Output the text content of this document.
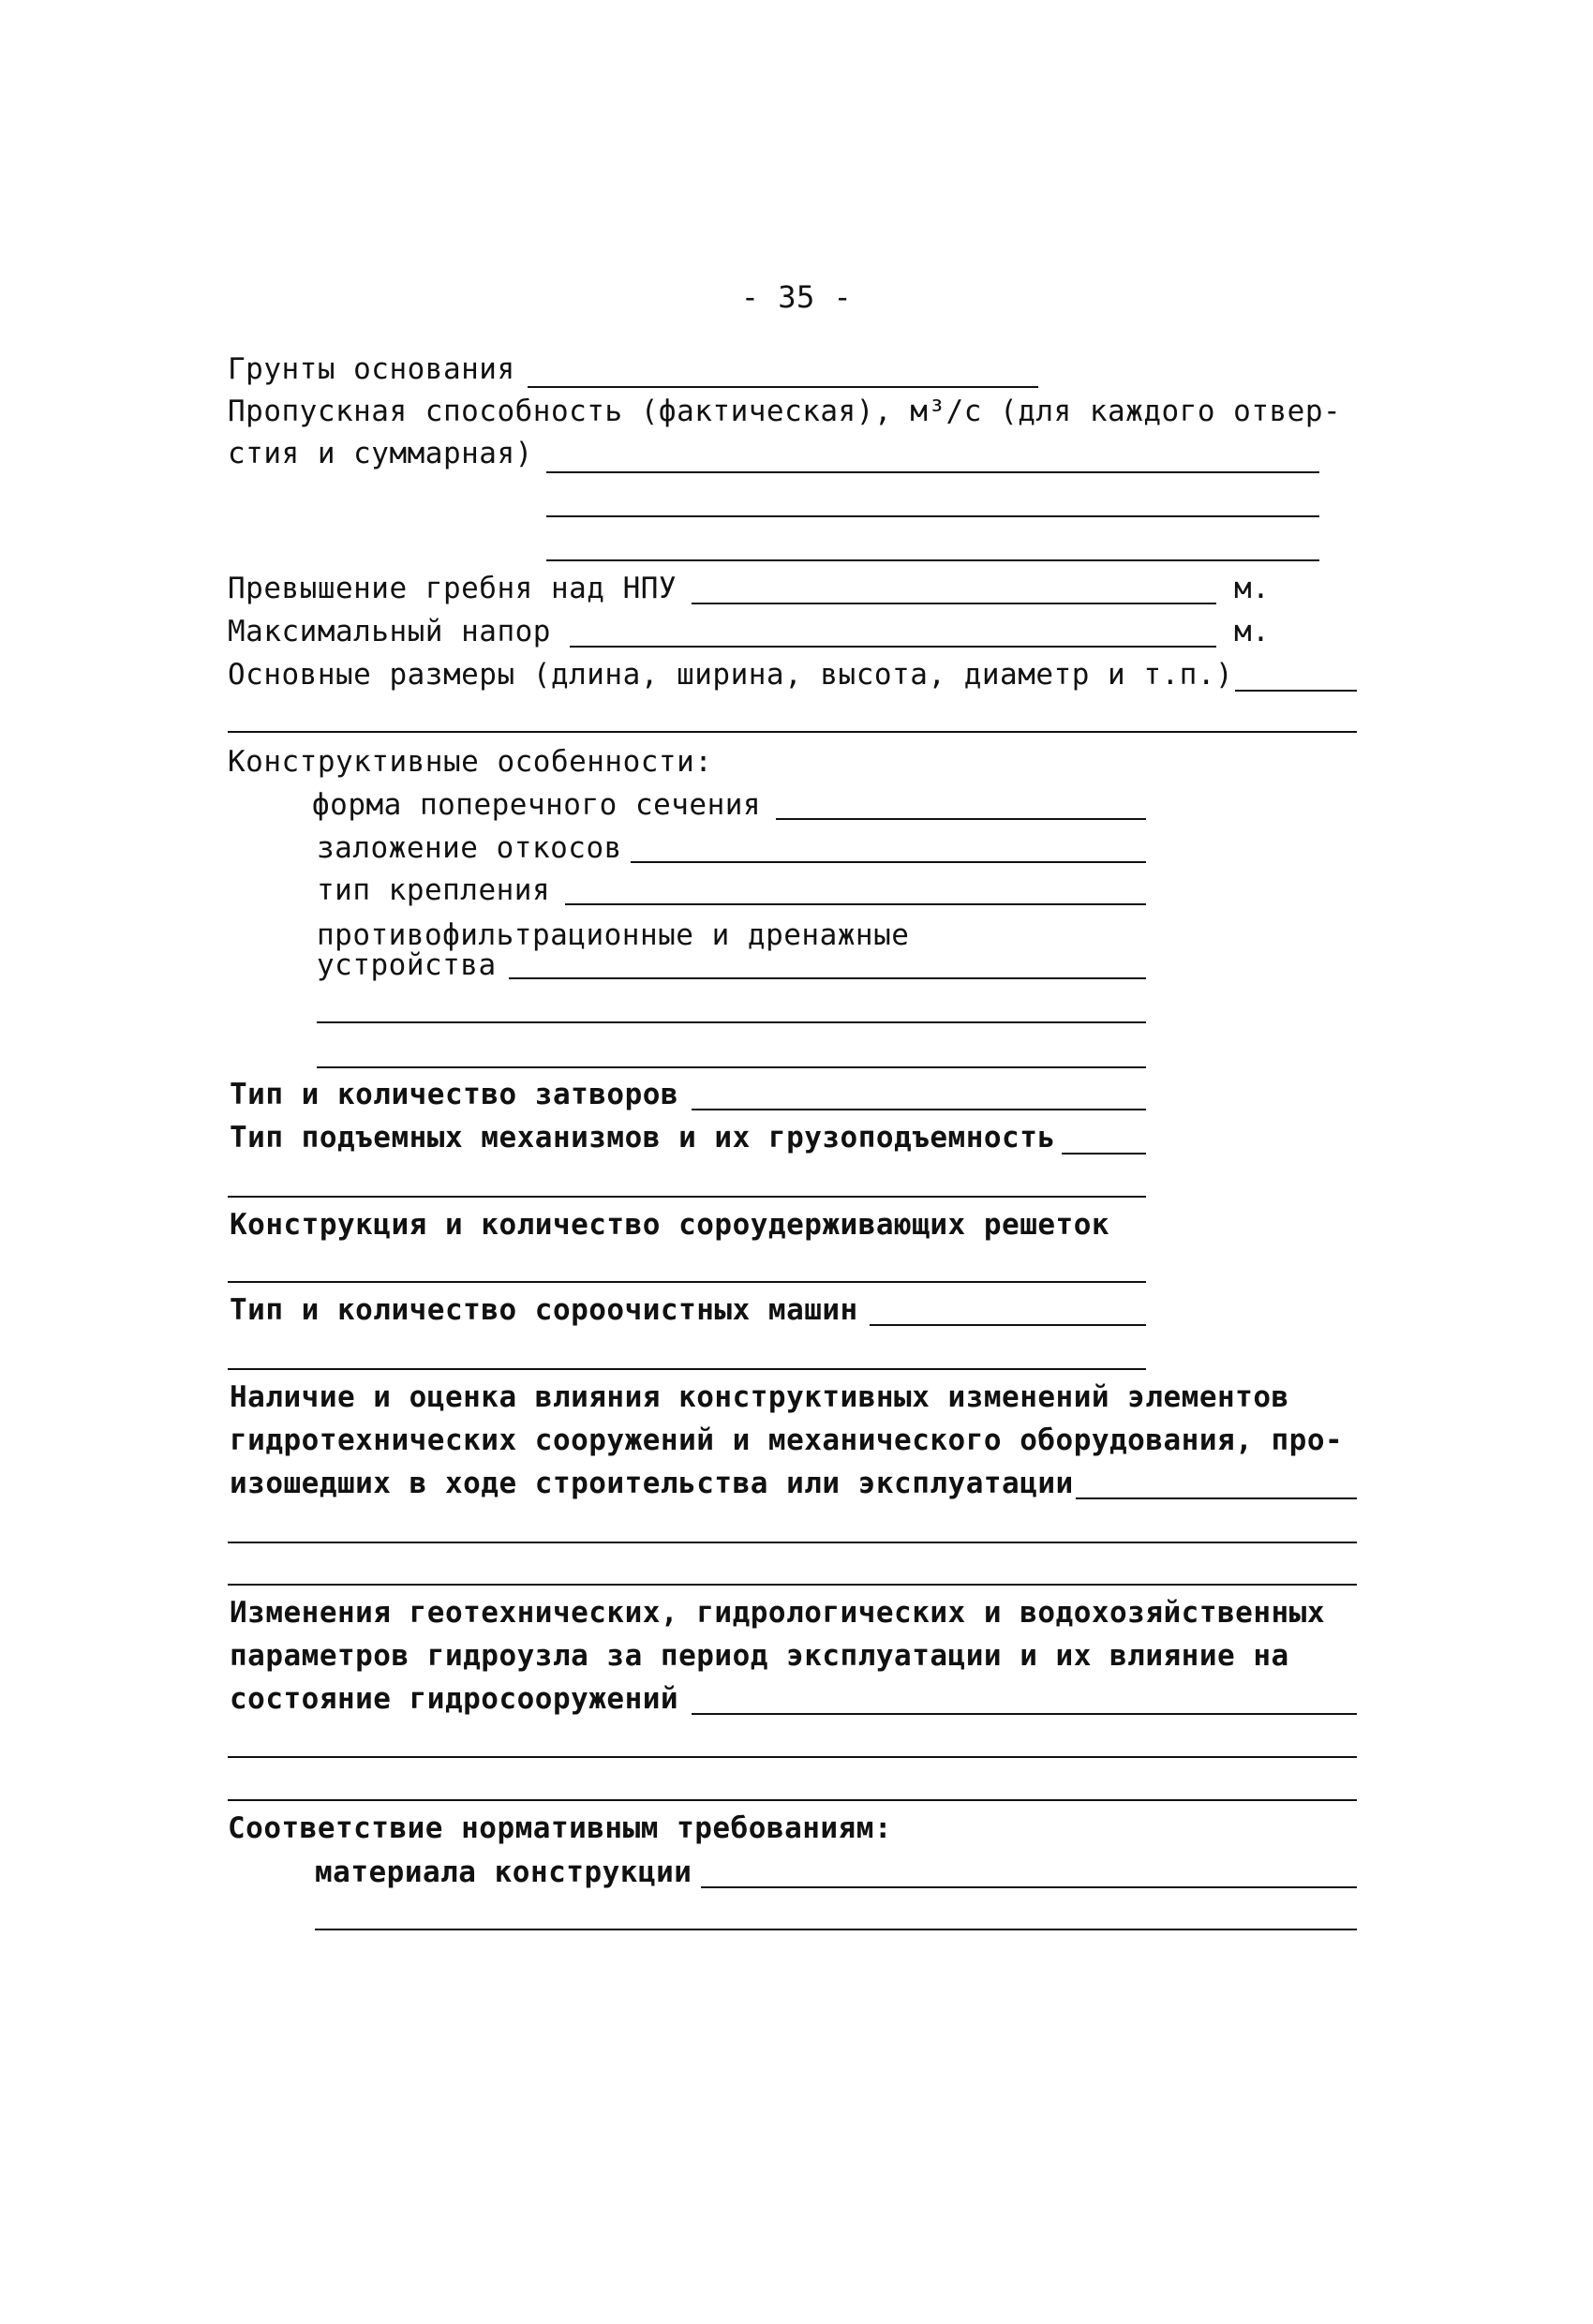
- 35 -
Грунты основания
Пропускная способность (фактическая), м³/с (для каждого отвер-
стия и суммарная)
Превышение гребня над НПУ	м.
Максимальный напор	м.
Основные размеры (длина, ширина, высота, диаметр и т.п.)
Конструктивные особенности:
форма поперечного сечения
заложение откосов
тип крепления
противофильтрационные и дренажные
устройства
Тип и количество затворов
Тип подъемных механизмов и их грузоподъемность
Конструкция и количество сороудерживающих решеток
Тип и количество сороочистных машин
Наличие и оценка влияния конструктивных изменений элементов
гидротехнических сооружений и механического оборудования, про-
изошедших в ходе строительства или эксплуатации
Изменения геотехнических, гидрологических и водохозяйственных
параметров гидроузла за период эксплуатации и их влияние на
состояние гидросооружений
Соответствие нормативным требованиям:
материала конструкции
